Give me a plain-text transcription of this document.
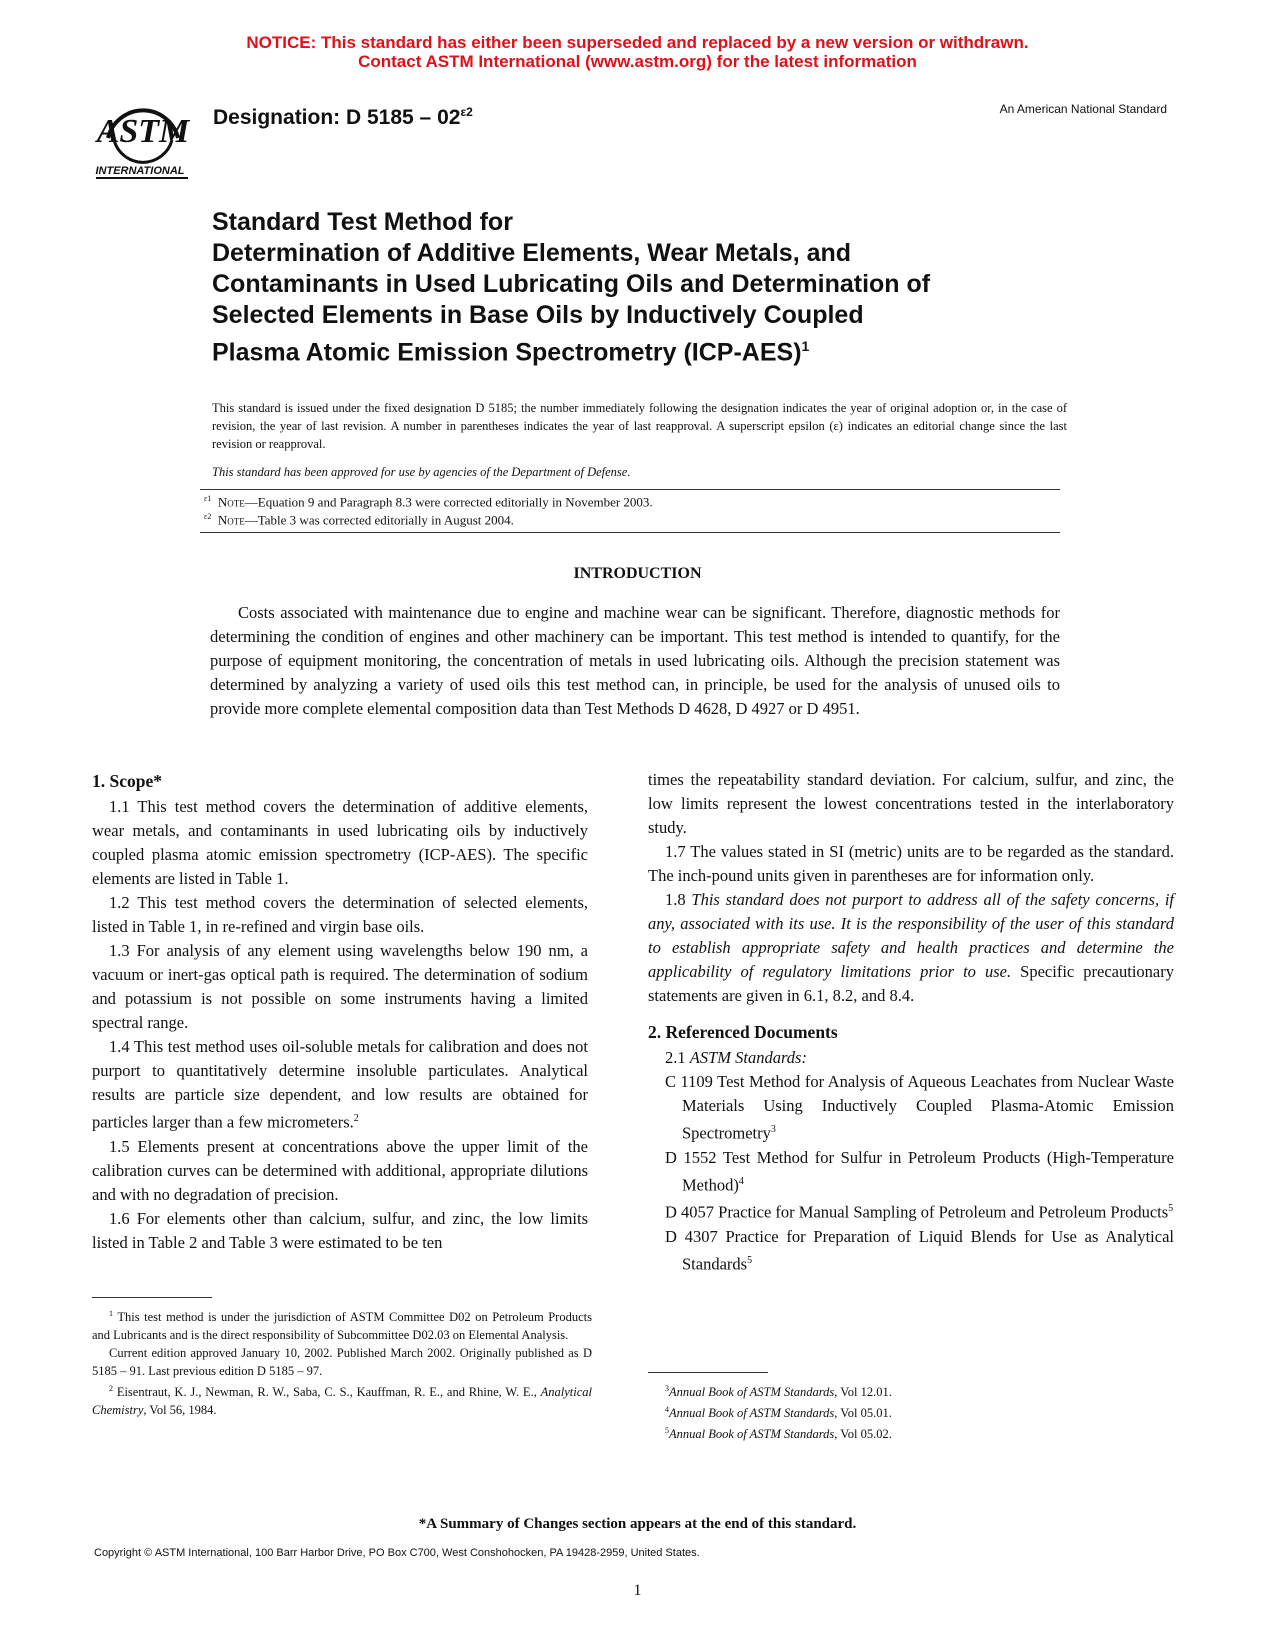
NOTICE: This standard has either been superseded and replaced by a new version or withdrawn.
Contact ASTM International (www.astm.org) for the latest information
ASTM
INTERNATIONAL
Designation: D $5185 - 02^{\varepsilon 2}$	An American National Standard
Standard Test Method for
Determination of Additive Elements, Wear Metals, and
Contaminants in Used Lubricating Oils and Determination of
Selected Elements in Base Oils by Inductively Coupled
Plasma Atomic Emission Spectrometry $(ICP-AES)^1$
This standard is issued under the fixed designation D 5185; the number immediately following the designation indicates the year of original adoption or, in the case of revision, the year of last revision. A number in parentheses indicates the year of last reapproval. A superscript epsilon (ε) indicates an editorial change since the last revision or reapproval.
This standard has been approved for use by agencies of the Department of Defense.
$^{\varepsilon 1}$ Note—Equation 9 and Paragraph 8.3 were corrected editorially in November 2003.
$^{\varepsilon 2}$ Note—Table 3 was corrected editorially in August 2004.
INTRODUCTION
Costs associated with maintenance due to engine and machine wear can be significant. Therefore, diagnostic methods for determining the condition of engines and other machinery can be important. This test method is intended to quantify, for the purpose of equipment monitoring, the concentration of metals in used lubricating oils. Although the precision statement was determined by analyzing a variety of used oils this test method can, in principle, be used for the analysis of unused oils to provide more complete elemental composition data than Test Methods D 4628, D 4927 or D 4951.
1. Scope*

1.1 This test method covers the determination of additive elements, wear metals, and contaminants in used lubricating oils by inductively coupled plasma atomic emission spectrometry (ICP-AES). The specific elements are listed in Table 1.

1.2 This test method covers the determination of selected elements, listed in Table 1, in re-refined and virgin base oils.

1.3 For analysis of any element using wavelengths below 190 nm, a vacuum or inert-gas optical path is required. The determination of sodium and potassium is not possible on some instruments having a limited spectral range.

1.4 This test method uses oil-soluble metals for calibration and does not purport to quantitatively determine insoluble particulates. Analytical results are particle size dependent, and low results are obtained for particles larger than a few micrometers.$^2$

1.5 Elements present at concentrations above the upper limit of the calibration curves can be determined with additional, appropriate dilutions and with no degradation of precision.

1.6 For elements other than calcium, sulfur, and zinc, the low limits listed in Table 2 and Table 3 were estimated to be ten

times the repeatability standard deviation. For calcium, sulfur, and zinc, the low limits represent the lowest concentrations tested in the interlaboratory study.

1.7 The values stated in SI (metric) units are to be regarded as the standard. The inch-pound units given in parentheses are for information only.

1.8 This standard does not purport to address all of the safety concerns, if any, associated with its use. It is the responsibility of the user of this standard to establish appropriate safety and health practices and determine the applicability of regulatory limitations prior to use. Specific precautionary statements are given in 6.1, 8.2, and 8.4.

2. Referenced Documents

2.1 ASTM Standards:

C 1109 Test Method for Analysis of Aqueous Leachates from Nuclear Waste Materials Using Inductively Coupled Plasma-Atomic Emission Spectrometry$^3$

D 1552 Test Method for Sulfur in Petroleum Products (High-Temperature Method)$^4$

D 4057 Practice for Manual Sampling of Petroleum and Petroleum Products$^5$

D 4307 Practice for Preparation of Liquid Blends for Use as Analytical Standards$^5$

$^1$ This test method is under the jurisdiction of ASTM Committee D02 on Petroleum Products and Lubricants and is the direct responsibility of Subcommittee D02.03 on Elemental Analysis.

Current edition approved January 10, 2002. Published March 2002. Originally published as D 5185 – 91. Last previous edition D 5185 – 97.

$^2$ Eisentraut, K. J., Newman, R. W., Saba, C. S., Kauffman, R. E., and Rhine, W. E., Analytical Chemistry, Vol 56, 1984.

$^3$Annual Book of ASTM Standards, Vol 12.01.

$^4$Annual Book of ASTM Standards, Vol 05.01.

$^5$Annual Book of ASTM Standards, Vol 05.02.

*A Summary of Changes section appears at the end of this standard.
Copyright © ASTM International, 100 Barr Harbor Drive, PO Box C700, West Conshohocken, PA 19428-2959, United States.
1
